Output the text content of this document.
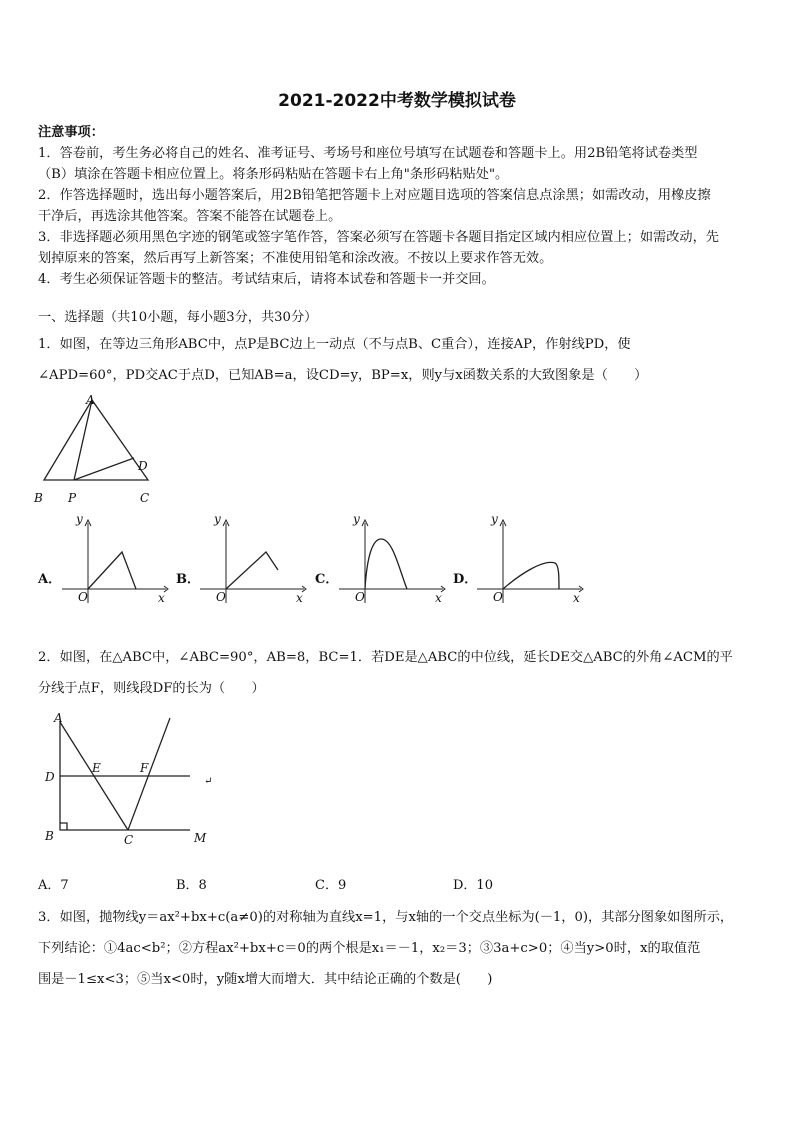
2021-2022中考数学模拟试卷
注意事项：
1．答卷前，考生务必将自己的姓名、准考证号、考场号和座位号填写在试题卷和答题卡上。用2B铅笔将试卷类型
（B）填涂在答题卡相应位置上。将条形码粘贴在答题卡右上角"条形码粘贴处"。
2．作答选择题时，选出每小题答案后，用2B铅笔把答题卡上对应题目选项的答案信息点涂黑；如需改动，用橡皮擦
干净后，再选涂其他答案。答案不能答在试题卷上。
3．非选择题必须用黑色字迹的钢笔或签字笔作答，答案必须写在答题卡各题目指定区域内相应位置上；如需改动，先
划掉原来的答案，然后再写上新答案；不准使用铅笔和涂改液。不按以上要求作答无效。
4．考生必须保证答题卡的整洁。考试结束后，请将本试卷和答题卡一并交回。
一、选择题（共10小题，每小题3分，共30分）
1．如图，在等边三角形ABC中，点P是BC边上一动点（不与点B、C重合），连接AP，作射线PD，使
∠APD=60°，PD交AC于点D，已知AB=a，设CD=y，BP=x，则y与x函数关系的大致图象是（　　）
A
B	C
D
P
A．
y
x
O
B．
y
x
O
C．
y
x
O
D．
y
x
O
2．如图，在△ABC中，∠ABC=90°，AB=8，BC=1．若DE是△ABC的中位线，延长DE交△ABC的外角∠ACM的平
分线于点F，则线段DF的长为（　　）
A
D
E	F
B	C	M
↵
A．7	B．8	C．9	D．10
3．如图，抛物线y＝ax²+bx+c(a≠0)的对称轴为直线x=1，与x轴的一个交点坐标为(－1，0)，其部分图象如图所示，
下列结论：①4ac<b²；②方程ax²+bx+c＝0的两个根是x₁＝－1，x₂＝3；③3a+c>0；④当y>0时，x的取值范
围是－1≤x<3；⑤当x<0时，y随x增大而增大．其中结论正确的个数是(　　)
